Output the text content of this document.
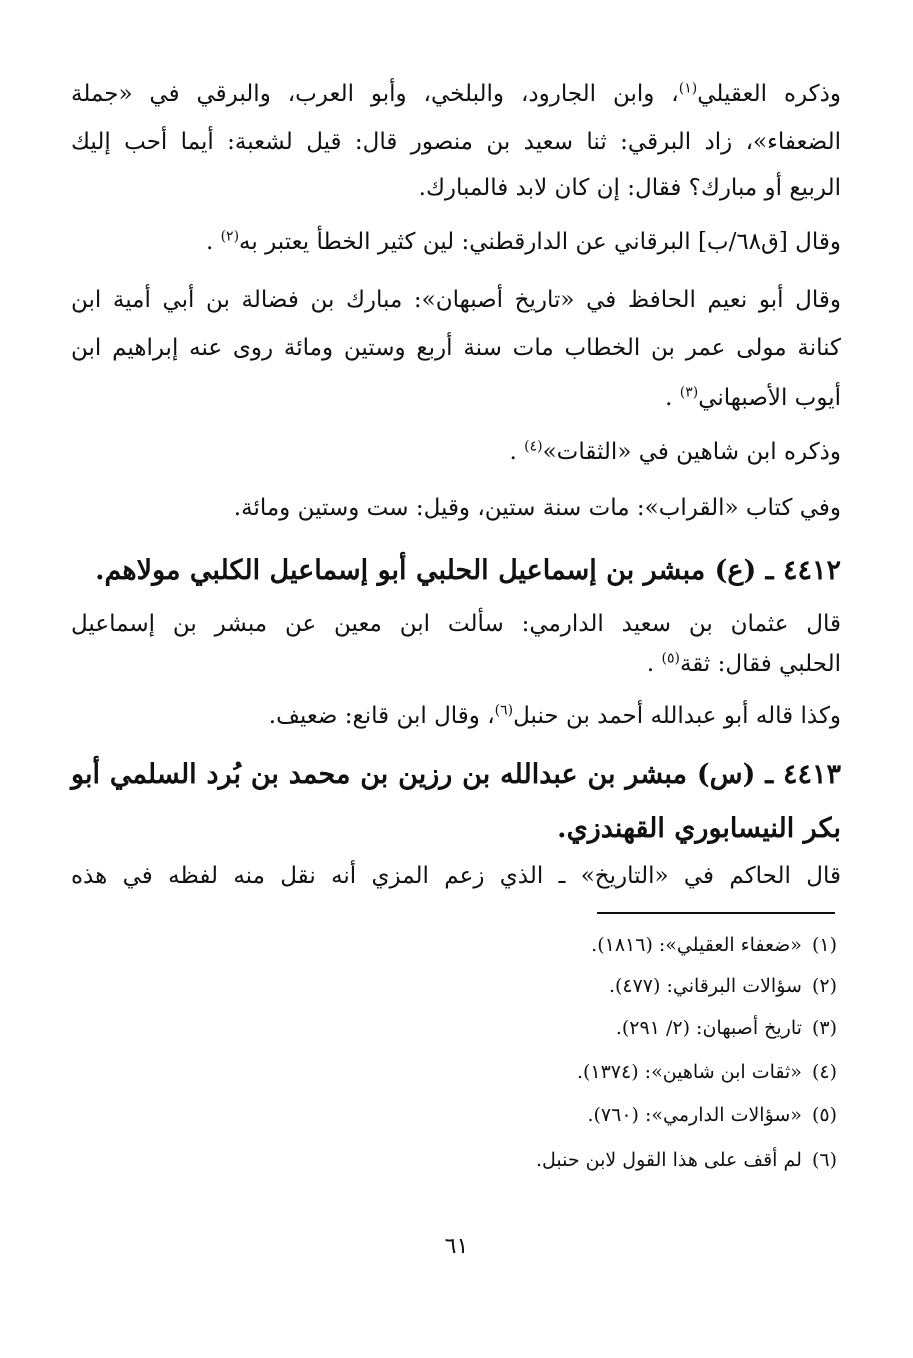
وذكره العقيلي$^{(١)}$، وابن الجارود، والبلخي، وأبو العرب، والبرقي في «جملة
الضعفاء»، زاد البرقي: ثنا سعيد بن منصور قال: قيل لشعبة: أيما أحب إليك
الربيع أو مبارك؟ فقال: إن كان لابد فالمبارك.
وقال [ق٦٨/ب] البرقاني عن الدارقطني: لين كثير الخطأ يعتبر به$^{(٢)}$ .
وقال أبو نعيم الحافظ في «تاريخ أصبهان»: مبارك بن فضالة بن أبي أمية ابن
كنانة مولى عمر بن الخطاب مات سنة أربع وستين ومائة روى عنه إبراهيم ابن
أيوب الأصبهاني$^{(٣)}$ .
وذكره ابن شاهين في «الثقات»$^{(٤)}$ .
وفي كتاب «القراب»: مات سنة ستين، وقيل: ست وستين ومائة.
٤٤١٢ ـ (ع) مبشر بن إسماعيل الحلبي أبو إسماعيل الكلبي مولاهم.
قال عثمان بن سعيد الدارمي: سألت ابن معين عن مبشر بن إسماعيل
الحلبي فقال: ثقة$^{(٥)}$ .
وكذا قاله أبو عبدالله أحمد بن حنبل$^{(٦)}$، وقال ابن قانع: ضعيف.
٤٤١٣ ـ (س) مبشر بن عبدالله بن رزين بن محمد بن بُرد السلمي أبو
بكر النيسابوري القهندزي.
قال الحاكم في «التاريخ» ـ الذي زعم المزي أنه نقل منه لفظه في هذه
(١)«ضعفاء العقيلي»: (١٨١٦).
(٢)سؤالات البرقاني: (٤٧٧).
(٣)تاريخ أصبهان: (٢/ ٢٩١).
(٤)«ثقات ابن شاهين»: (١٣٧٤).
(٥)«سؤالات الدارمي»: (٧٦٠).
(٦)لم أقف على هذا القول لابن حنبل.
٦١
